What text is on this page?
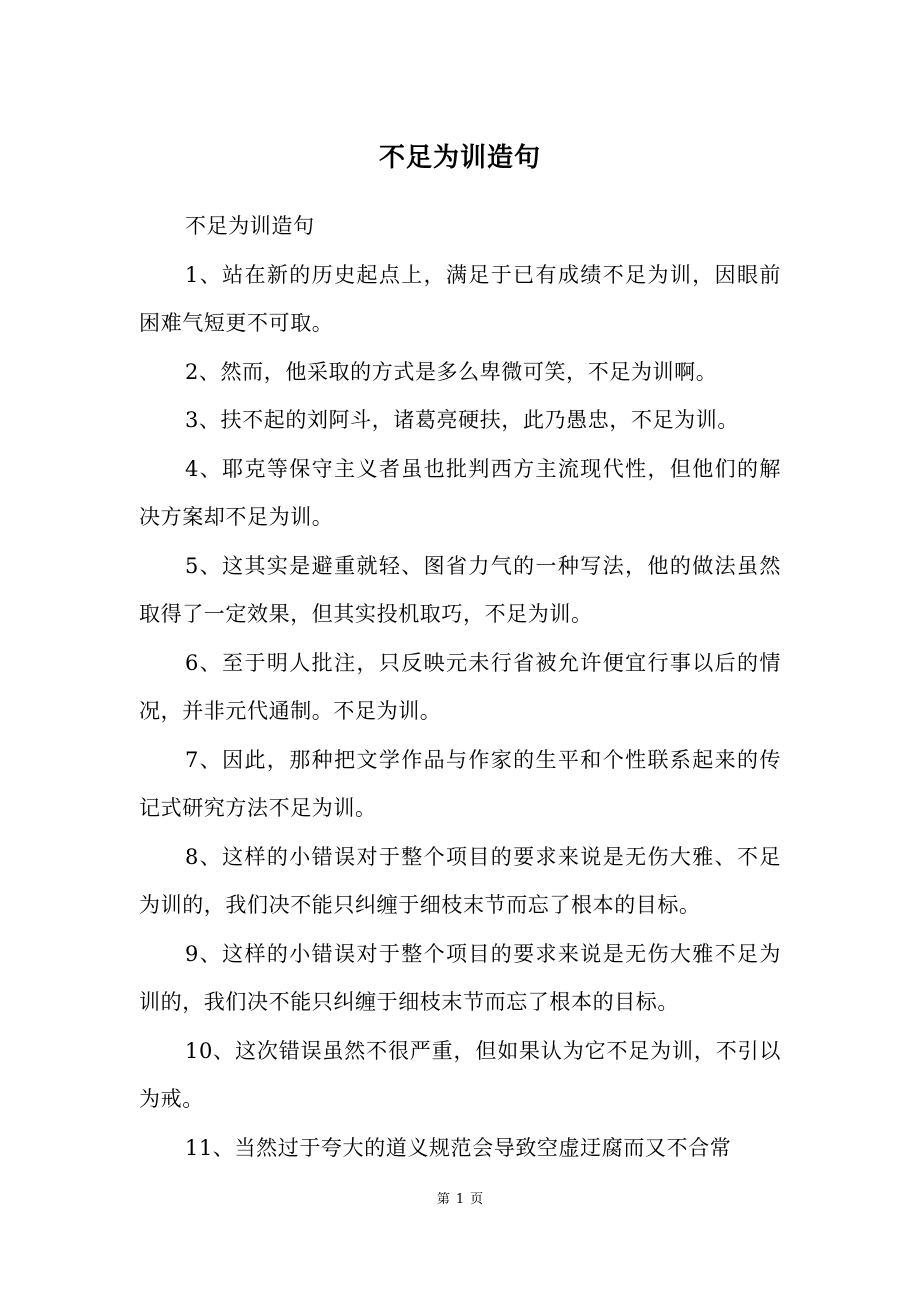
不足为训造句

不足为训造句

1、站在新的历史起点上，满足于已有成绩不足为训，因眼前困难气短更不可取。

2、然而，他采取的方式是多么卑微可笑，不足为训啊。

3、扶不起的刘阿斗，诸葛亮硬扶，此乃愚忠，不足为训。

4、耶克等保守主义者虽也批判西方主流现代性，但他们的解决方案却不足为训。

5、这其实是避重就轻、图省力气的一种写法，他的做法虽然取得了一定效果，但其实投机取巧，不足为训。

6、至于明人批注，只反映元未行省被允许便宜行事以后的情况，并非元代通制。不足为训。

7、因此，那种把文学作品与作家的生平和个性联系起来的传记式研究方法不足为训。

8、这样的小错误对于整个项目的要求来说是无伤大雅、不足为训的，我们决不能只纠缠于细枝末节而忘了根本的目标。

9、这样的小错误对于整个项目的要求来说是无伤大雅不足为训的，我们决不能只纠缠于细枝末节而忘了根本的目标。

10、这次错误虽然不很严重，但如果认为它不足为训，不引以为戒。

11、当然过于夸大的道义规范会导致空虚迂腐而又不合常

第 1 页
